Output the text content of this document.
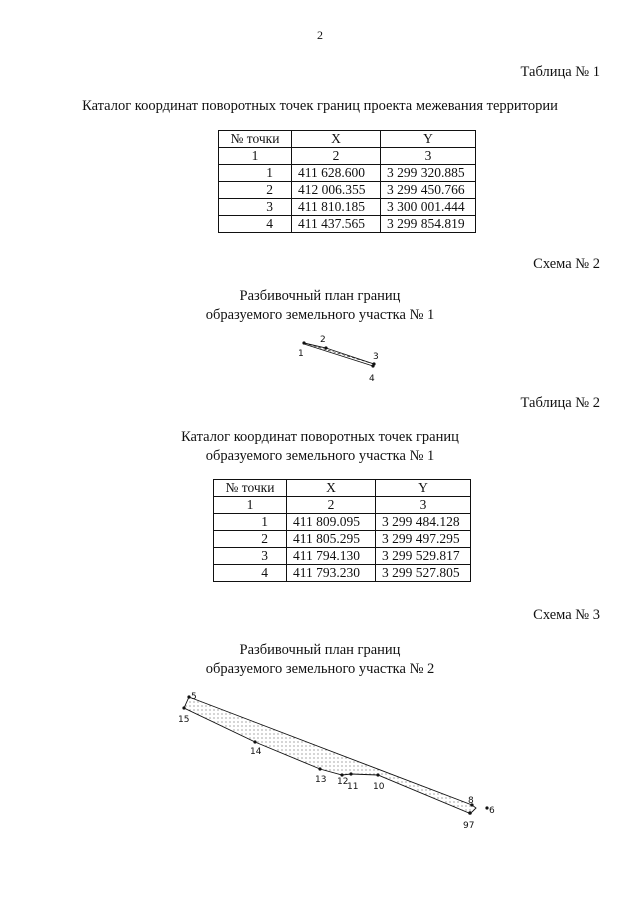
2
Таблица № 1
Каталог координат поворотных точек границ проекта межевания территории
№ точки	X	Y
1	2	3
1	411 628.600	3 299 320.885
2	412 006.355	3 299 450.766
3	411 810.185	3 300 001.444
4	411 437.565	3 299 854.819
Схема № 2
Разбивочный план границ
образуемого земельного участка № 1
1
2
3
4
Таблица № 2
Каталог координат поворотных точек границ
образуемого земельного участка № 1
№ точки	X	Y
1	2	3
1	411 809.095	3 299 484.128
2	411 805.295	3 299 497.295
3	411 794.130	3 299 529.817
4	411 793.230	3 299 527.805
Схема № 3
Разбивочный план границ
образуемого земельного участка № 2
5
15
14
13 12
11 10
8
6
97
